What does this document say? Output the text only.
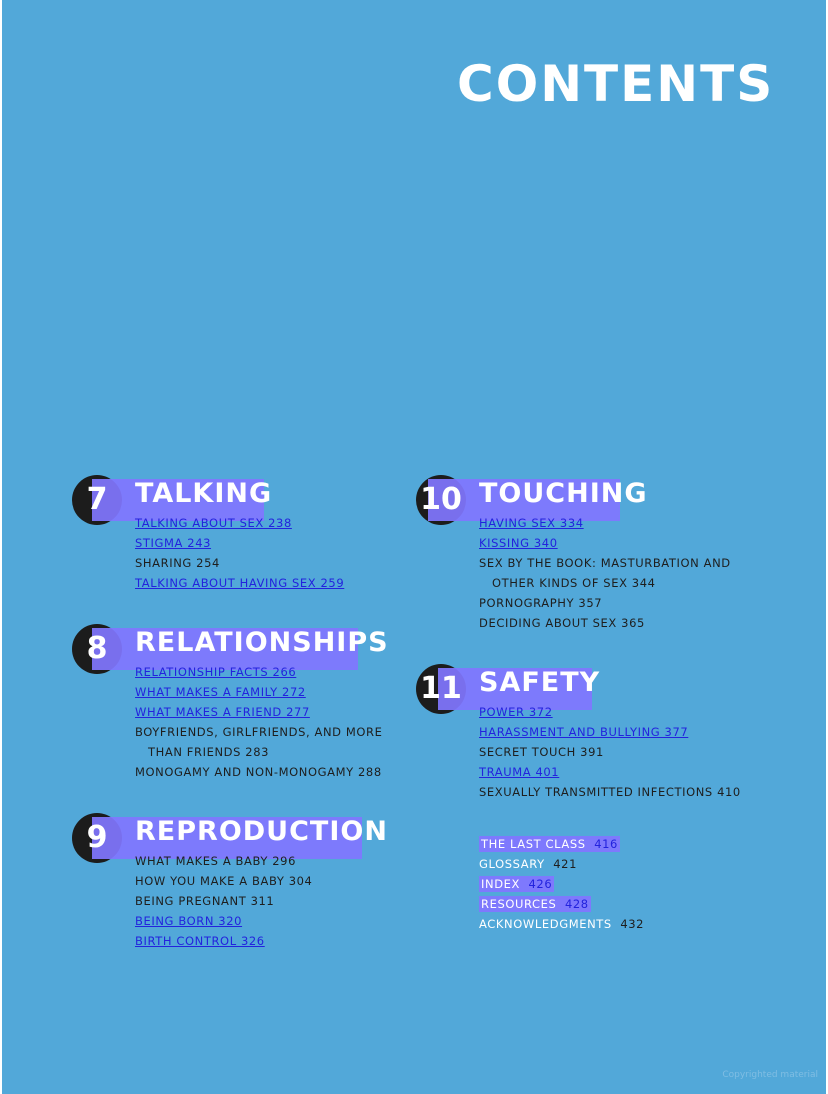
CONTENTS
7	TALKING
TALKING ABOUT SEX 238
STIGMA 243
SHARING 254
TALKING ABOUT HAVING SEX 259
8	RELATIONSHIPS
RELATIONSHIP FACTS 266
WHAT MAKES A FAMILY 272
WHAT MAKES A FRIEND 277
BOYFRIENDS, GIRLFRIENDS, AND MORE
THAN FRIENDS 283
MONOGAMY AND NON-MONOGAMY 288
9	REPRODUCTION
WHAT MAKES A BABY 296
HOW YOU MAKE A BABY 304
BEING PREGNANT 311
BEING BORN 320
BIRTH CONTROL 326
10 TOUCHING
HAVING SEX 334
KISSING 340
SEX BY THE BOOK: MASTURBATION AND
OTHER KINDS OF SEX 344
PORNOGRAPHY 357
DECIDING ABOUT SEX 365
11 SAFETY
POWER 372
HARASSMENT AND BULLYING 377
SECRET TOUCH 391
TRAUMA 401
SEXUALLY TRANSMITTED INFECTIONS 410
THE LAST CLASS 416
GLOSSARY 421
INDEX 426
RESOURCES 428
ACKNOWLEDGMENTS 432
Copyrighted material
